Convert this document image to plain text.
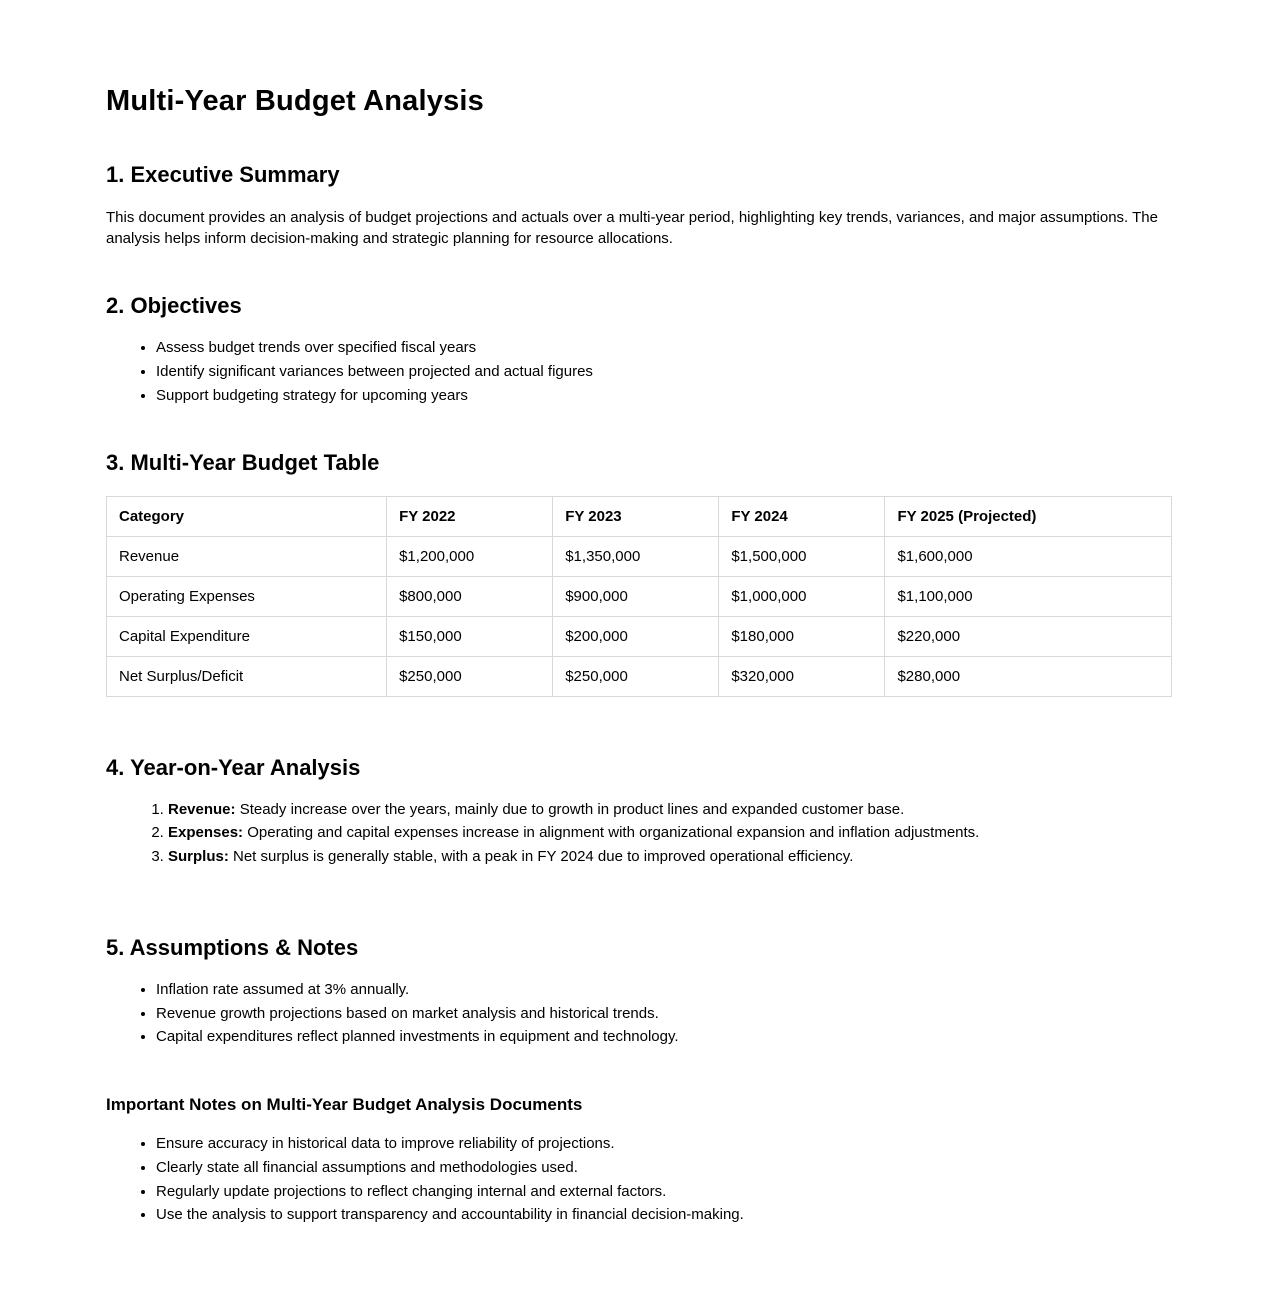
Multi-Year Budget Analysis
1. Executive Summary

This document provides an analysis of budget projections and actuals over a multi-year period, highlighting key trends, variances, and major assumptions. The analysis helps inform decision-making and strategic planning for resource allocations.

2. Objectives
• Assess budget trends over specified fiscal years
• Identify significant variances between projected and actual figures
• Support budgeting strategy for upcoming years
3. Multi-Year Budget Table
Category	FY 2022	FY 2023	FY 2024	FY 2025 (Projected)
Revenue	$1,200,000	$1,350,000	$1,500,000	$1,600,000
Operating Expenses	$800,000	$900,000	$1,000,000	$1,100,000
Capital Expenditure	$150,000	$200,000	$180,000	$220,000
Net Surplus/Deficit	$250,000	$250,000	$320,000	$280,000
4. Year-on-Year Analysis
1. Revenue: Steady increase over the years, mainly due to growth in product lines and expanded customer base.
2. Expenses: Operating and capital expenses increase in alignment with organizational expansion and inflation adjustments.
3. Surplus: Net surplus is generally stable, with a peak in FY 2024 due to improved operational efficiency.
5. Assumptions & Notes
• Inflation rate assumed at 3% annually.
• Revenue growth projections based on market analysis and historical trends.
• Capital expenditures reflect planned investments in equipment and technology.
Important Notes on Multi-Year Budget Analysis Documents
• Ensure accuracy in historical data to improve reliability of projections.
• Clearly state all financial assumptions and methodologies used.
• Regularly update projections to reflect changing internal and external factors.
• Use the analysis to support transparency and accountability in financial decision-making.
